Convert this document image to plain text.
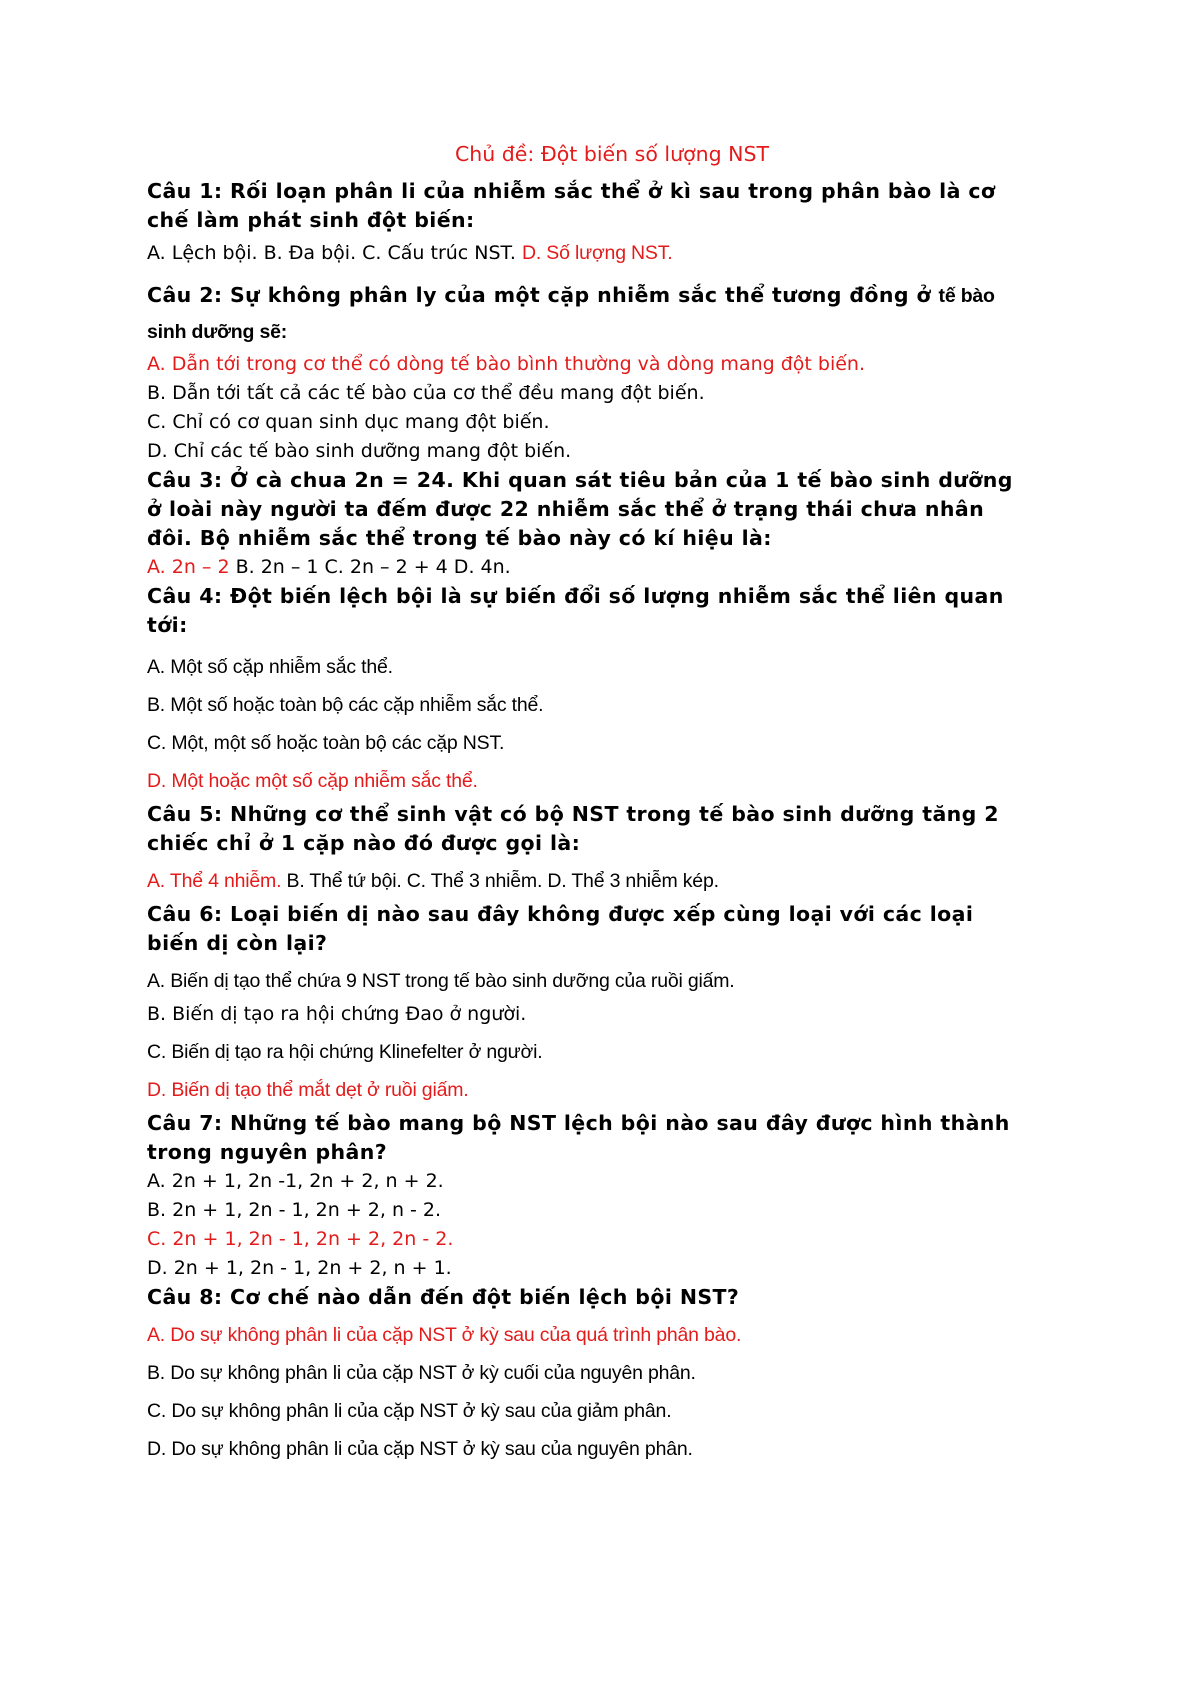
Chủ đề: Đột biến số lượng NST

Câu 1: Rối loạn phân li của nhiễm sắc thể ở kì sau trong phân bào là cơ

chế làm phát sinh đột biến:

A. Lệch bội. B. Đa bội. C. Cấu trúc NST. D. Số lượng NST.

Câu 2: Sự không phân ly của một cặp nhiễm sắc thể tương đồng ở tế bào

sinh dưỡng sẽ:

A. Dẫn tới trong cơ thể có dòng tế bào bình thường và dòng mang đột biến.

B. Dẫn tới tất cả các tế bào của cơ thể đều mang đột biến.

C. Chỉ có cơ quan sinh dục mang đột biến.

D. Chỉ các tế bào sinh dưỡng mang đột biến.

Câu 3: Ở cà chua 2n = 24. Khi quan sát tiêu bản của 1 tế bào sinh dưỡng

ở loài này người ta đếm được 22 nhiễm sắc thể ở trạng thái chưa nhân

đôi. Bộ nhiễm sắc thể trong tế bào này có kí hiệu là:

A. 2n – 2 B. 2n – 1 C. 2n – 2 + 4 D. 4n.

Câu 4: Đột biến lệch bội là sự biến đổi số lượng nhiễm sắc thể liên quan

tới:

A. Một số cặp nhiễm sắc thể.

B. Một số hoặc toàn bộ các cặp nhiễm sắc thể.

C. Một, một số hoặc toàn bộ các cặp NST.

D. Một hoặc một số cặp nhiễm sắc thể.

Câu 5: Những cơ thể sinh vật có bộ NST trong tế bào sinh dưỡng tăng 2

chiếc chỉ ở 1 cặp nào đó được gọi là:

A. Thể 4 nhiễm. B. Thể tứ bội. C. Thể 3 nhiễm. D. Thể 3 nhiễm kép.

Câu 6: Loại biến dị nào sau đây không được xếp cùng loại với các loại

biến dị còn lại?

A. Biến dị tạo thể chứa 9 NST trong tế bào sinh dưỡng của ruồi giấm.

B. Biến dị tạo ra hội chứng Đao ở người.

C. Biến dị tạo ra hội chứng Klinefelter ở người.

D. Biến dị tạo thể mắt dẹt ở ruồi giấm.

Câu 7: Những tế bào mang bộ NST lệch bội nào sau đây được hình thành

trong nguyên phân?

A. 2n + 1, 2n -1, 2n + 2, n + 2.

B. 2n + 1, 2n - 1, 2n + 2, n - 2.

C. 2n + 1, 2n - 1, 2n + 2, 2n - 2.

D. 2n + 1, 2n - 1, 2n + 2, n + 1.

Câu 8: Cơ chế nào dẫn đến đột biến lệch bội NST?

A. Do sự không phân li của cặp NST ở kỳ sau của quá trình phân bào.

B. Do sự không phân li của cặp NST ở kỳ cuối của nguyên phân.

C. Do sự không phân li của cặp NST ở kỳ sau của giảm phân.

D. Do sự không phân li của cặp NST ở kỳ sau của nguyên phân.
